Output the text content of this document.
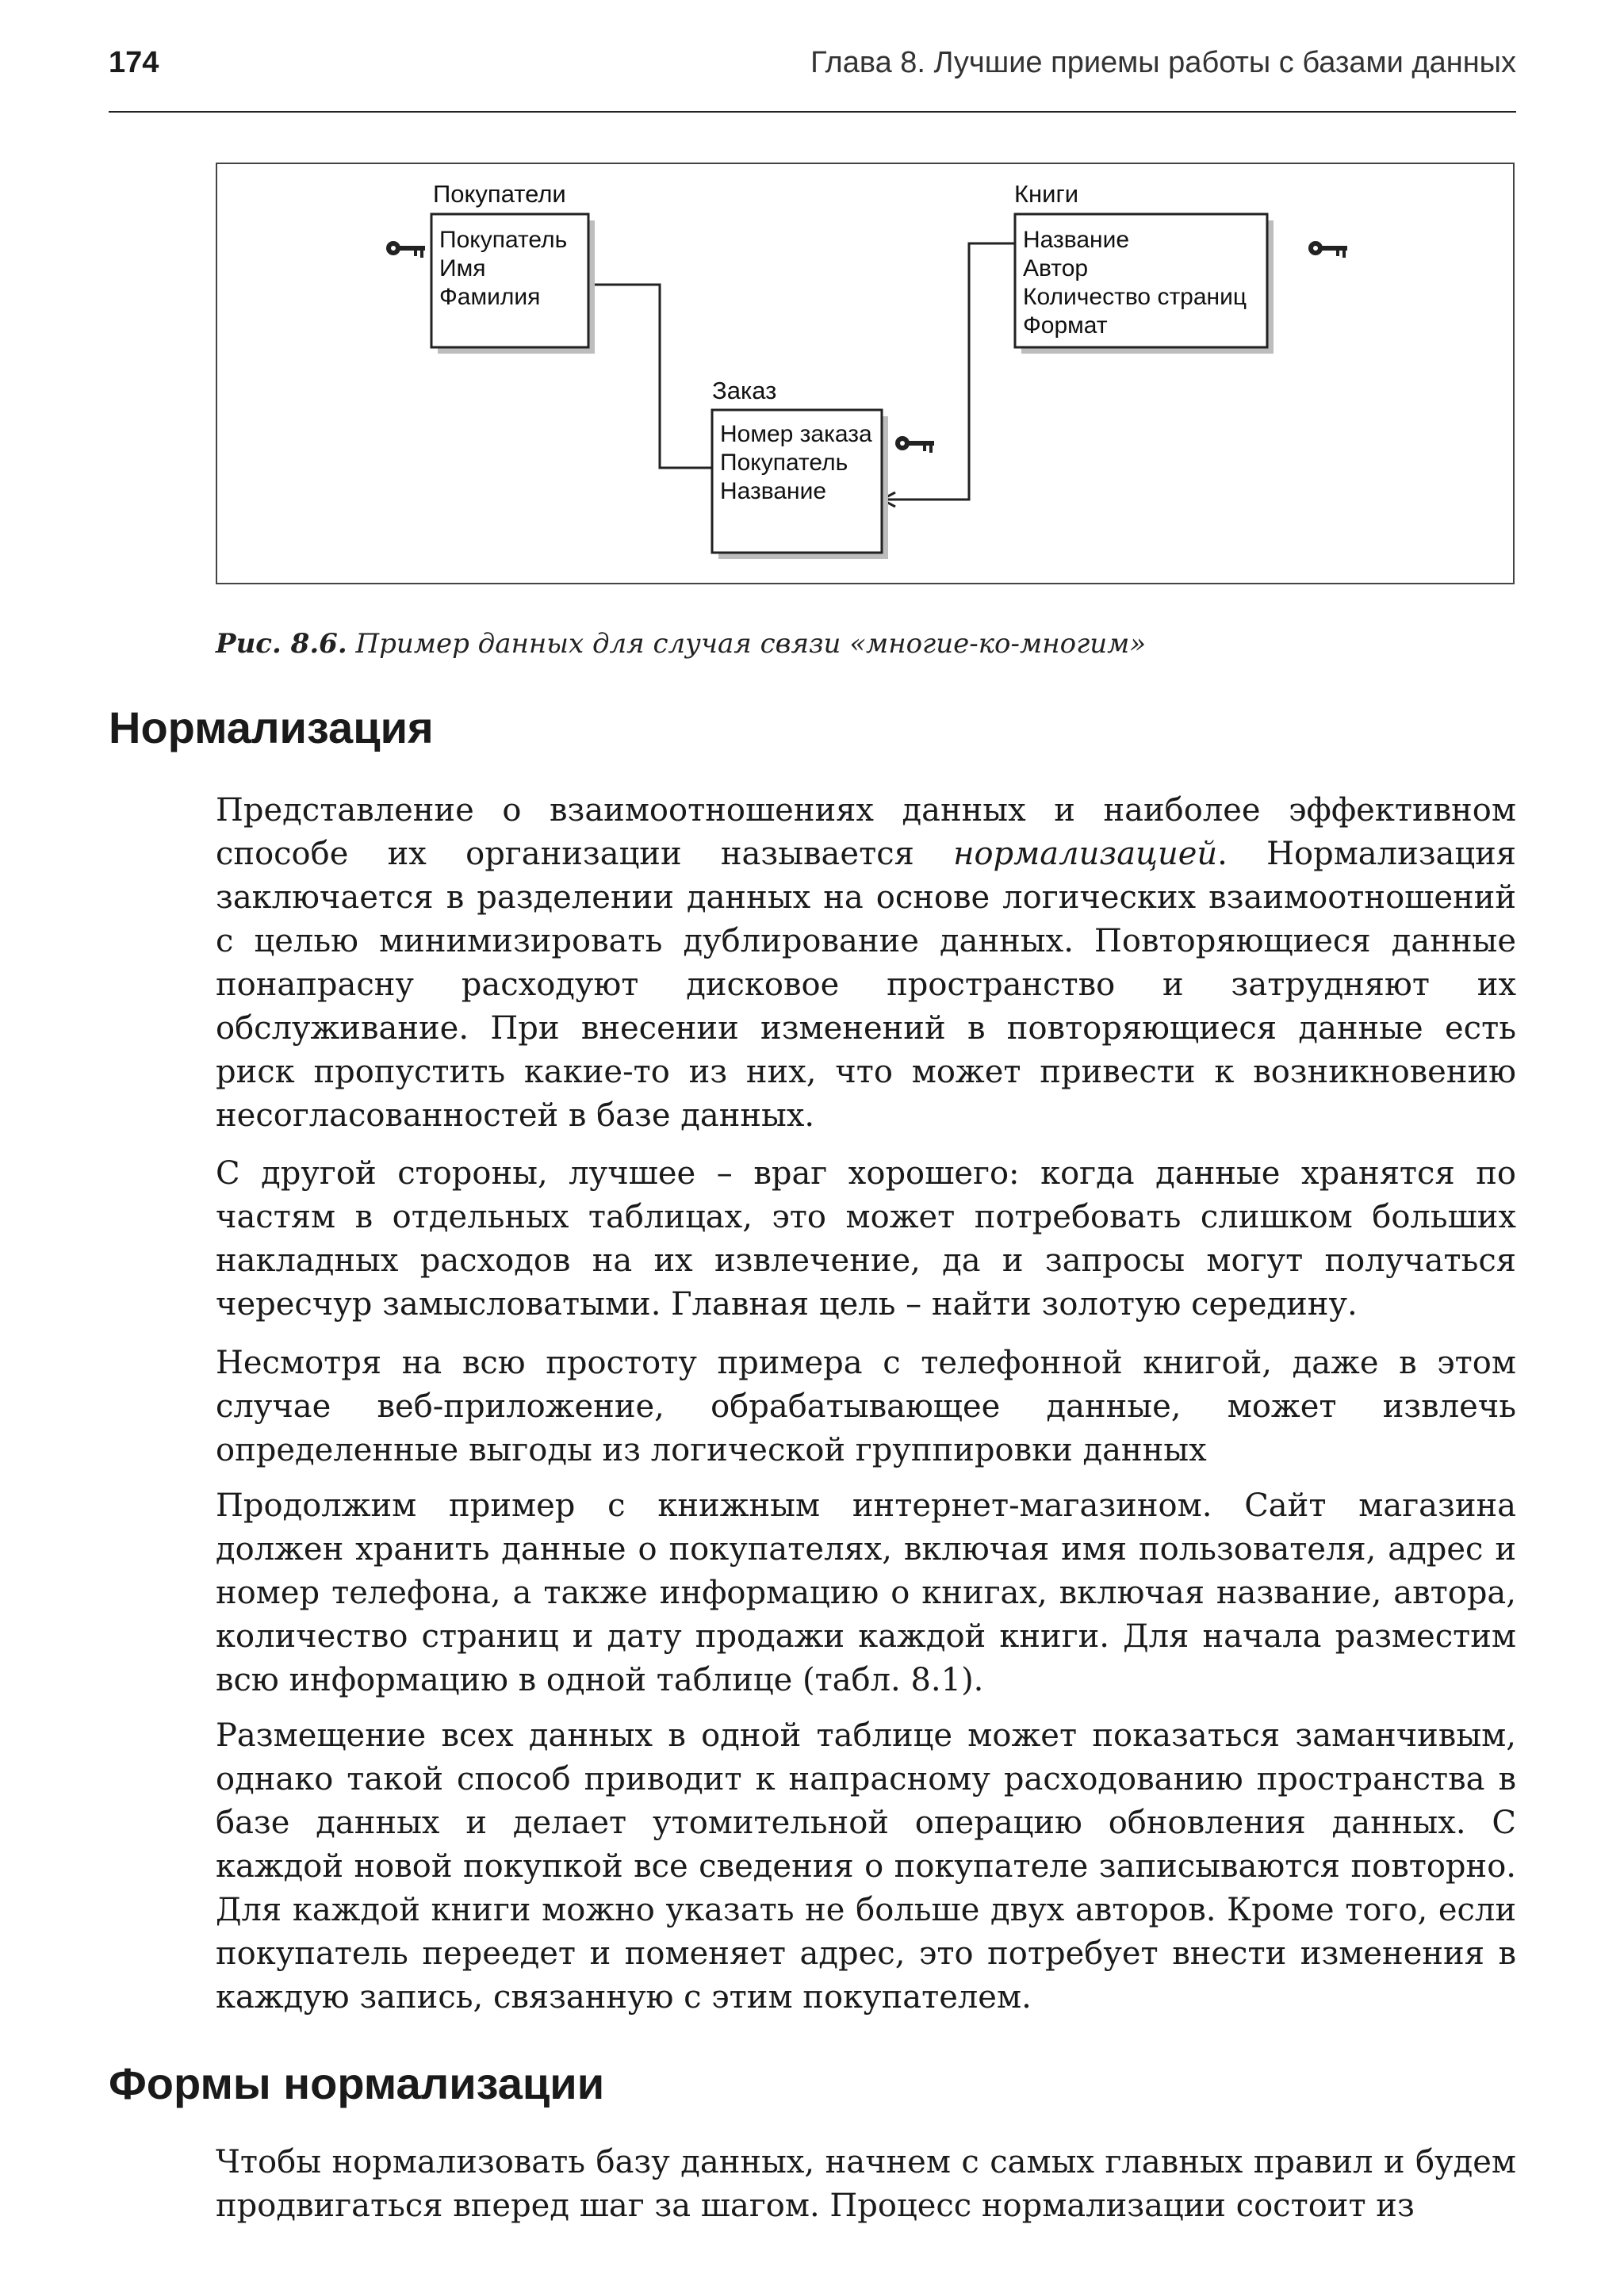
174	Глава 8. Лучшие приемы работы с базами данных
Покупатели
Покупатель
Имя
Фамилия
Книги
Название
Автор
Количество страниц
Формат
Заказ
Номер заказа
Покупатель
Название
Рис. 8.6. Пример данных для случая связи «многие-ко-многим»
Нормализация

Представление о взаимоотношениях данных и наиболее эффективном способе их организации называется нормализацией. Нормализация заключается в разделении данных на основе логических взаимоотношений с целью минимизировать дублирование данных. Повторяющиеся данные понапрасну расходуют дисковое пространство и затрудняют их обслуживание. При внесении изменений в повторяющиеся данные есть риск пропустить какие-то из них, что может привести к возникновению несогласованностей в базе данных.

С другой стороны, лучшее – враг хорошего: когда данные хранятся по частям в отдельных таблицах, это может потребовать слишком больших накладных расходов на их извлечение, да и запросы могут получаться чересчур замысловатыми. Главная цель – найти золотую середину.

Несмотря на всю простоту примера с телефонной книгой, даже в этом случае веб-приложение, обрабатывающее данные, может извлечь определенные выгоды из логической группировки данных

Продолжим пример с книжным интернет-магазином. Сайт магазина должен хранить данные о покупателях, включая имя пользователя, адрес и номер телефона, а также информацию о книгах, включая название, автора, количество страниц и дату продажи каждой книги. Для начала разместим всю информацию в одной таблице (табл. 8.1).

Размещение всех данных в одной таблице может показаться заманчивым, однако такой способ приводит к напрасному расходованию пространства в базе данных и делает утомительной операцию обновления данных. С каждой новой покупкой все сведения о покупателе записываются повторно. Для каждой книги можно указать не больше двух авторов. Кроме того, если покупатель переедет и поменяет адрес, это потребует внести изменения в каждую запись, связанную с этим покупателем.

Формы нормализации

Чтобы нормализовать базу данных, начнем с самых главных правил и будем продвигаться вперед шаг за шагом. Процесс нормализации состоит из
